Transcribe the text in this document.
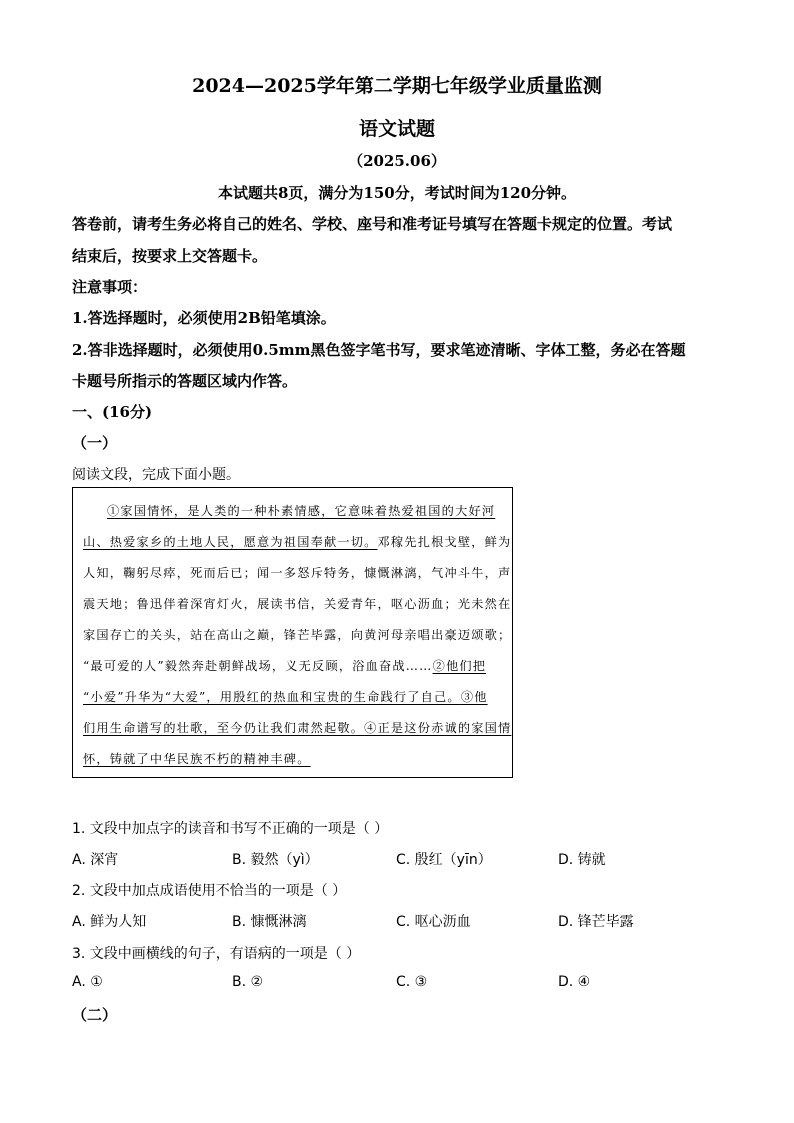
2024—2025学年第二学期七年级学业质量监测
语文试题
（2025.06）
本试题共8页，满分为150分，考试时间为120分钟。
答卷前，请考生务必将自己的姓名、学校、座号和准考证号填写在答题卡规定的位置。考试
结束后，按要求上交答题卡。
注意事项：
1.答选择题时，必须使用2B铅笔填涂。
2.答非选择题时，必须使用0.5mm黑色签字笔书写，要求笔迹清晰、字体工整，务必在答题
卡题号所指示的答题区域内作答。
一、(16分)
（一）
阅读文段，完成下面小题。
①家国情怀，是人类的一种朴素情感，它意味着热爱祖国的大好河
山、热爱家乡的土地人民，愿意为祖国奉献一切。邓稼先扎根戈壁，鲜为
人知，鞠躬尽瘁，死而后已；闻一多怒斥特务，慷慨淋漓，气冲斗牛，声
震天地；鲁迅伴着深宵灯火，展读书信，关爱青年，呕心沥血；光未然在
家国存亡的关头，站在高山之巅，锋芒毕露，向黄河母亲唱出豪迈颂歌；
“最可爱的人”毅然奔赴朝鲜战场，义无反顾，浴血奋战……②他们把
“小爱”升华为“大爱”，用殷红的热血和宝贵的生命践行了自己。③他
们用生命谱写的壮歌，至今仍让我们肃然起敬。④正是这份赤诚的家国情
怀，铸就了中华民族不朽的精神丰碑。
1. 文段中加点字的读音和书写不正确的一项是（ ）
A. 深宵	B. 毅然（yì）	C. 殷红（yīn）	D. 铸就
2. 文段中加点成语使用不恰当的一项是（ ）
A. 鲜为人知	B. 慷慨淋漓	C. 呕心沥血	D. 锋芒毕露
3. 文段中画横线的句子，有语病的一项是（ ）
A. ①	B. ②	C. ③	D. ④
（二）
